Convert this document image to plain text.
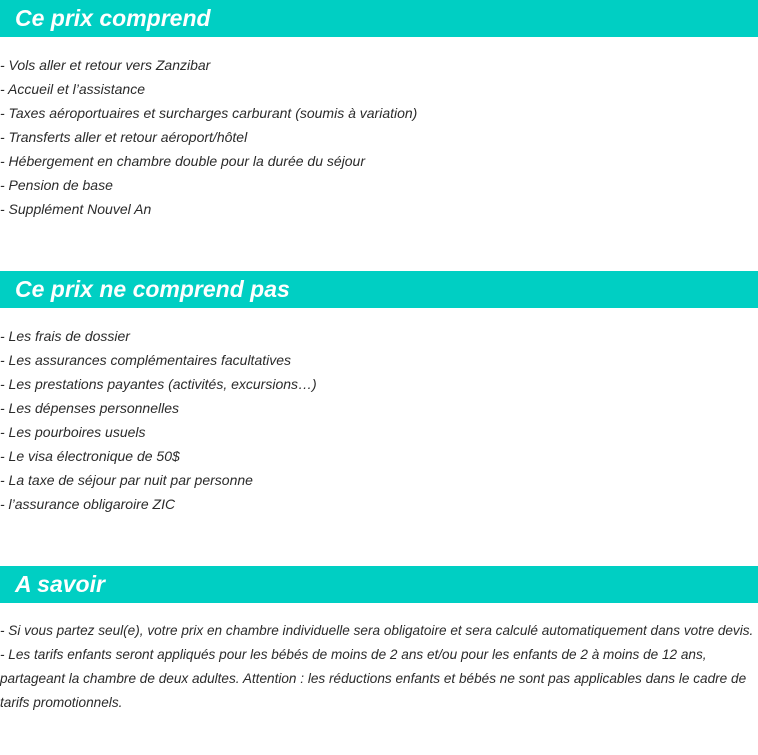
Ce prix comprend
- Vols aller et retour vers Zanzibar
- Accueil et l’assistance
- Taxes aéroportuaires et surcharges carburant (soumis à variation)
- Transferts aller et retour aéroport/hôtel
- Hébergement en chambre double pour la durée du séjour
- Pension de base
- Supplément Nouvel An
Ce prix ne comprend pas
- Les frais de dossier
- Les assurances complémentaires facultatives
- Les prestations payantes (activités, excursions…)
- Les dépenses personnelles
- Les pourboires usuels
- Le visa électronique de 50$
- La taxe de séjour par nuit par personne
- l’assurance obligaroire ZIC
A savoir
- Si vous partez seul(e), votre prix en chambre individuelle sera obligatoire et sera calculé automatiquement dans votre devis.
- Les tarifs enfants seront appliqués pour les bébés de moins de 2 ans et/ou pour les enfants de 2 à moins de 12 ans, partageant la chambre de deux adultes. Attention : les réductions enfants et bébés ne sont pas applicables dans le cadre de tarifs promotionnels.
